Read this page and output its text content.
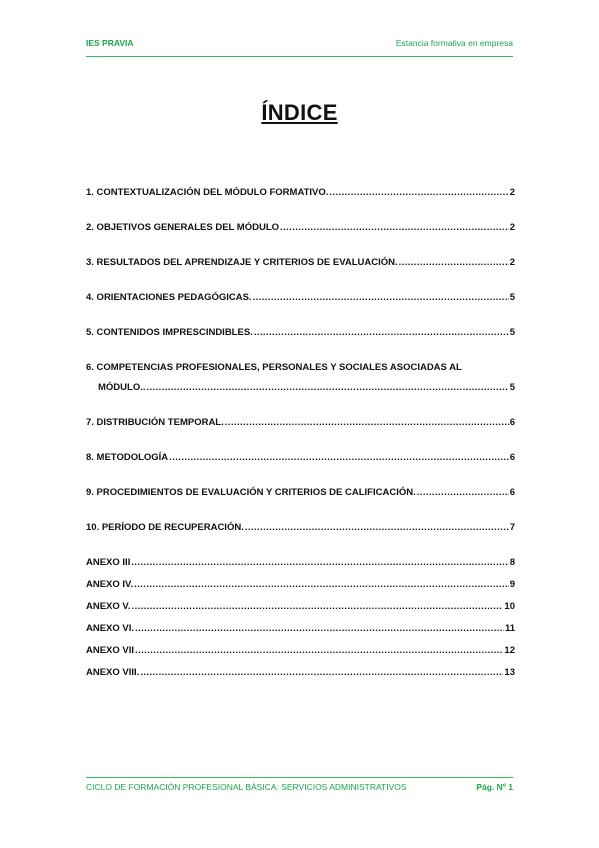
IES PRAVIA	Estancia formativa en empresa
ÍNDICE
1. CONTEXTUALIZACIÓN DEL MÓDULO FORMATIVO. .....	2
2. OBJETIVOS GENERALES DEL MÓDULO .....	2
3. RESULTADOS DEL APRENDIZAJE Y CRITERIOS DE EVALUACIÓN. .....	2
4. ORIENTACIONES PEDAGÓGICAS. .....	5
5. CONTENIDOS IMPRESCINDIBLES. .....	5
6. COMPETENCIAS PROFESIONALES, PERSONALES Y SOCIALES ASOCIADAS AL
MÓDULO.. .....	5
7. DISTRIBUCIÓN TEMPORAL. .....	6
8. METODOLOGÍA .....	6
9. PROCEDIMIENTOS DE EVALUACIÓN Y CRITERIOS DE CALIFICACIÓN. .....	6
10. PERÍODO DE RECUPERACIÓN. .....	7
ANEXO III .....	8
ANEXO IV. .....	9
ANEXO V. .....	10
ANEXO VI. .....	11
ANEXO VII .....	12
ANEXO VIII. .....	13
CICLO DE FORMACIÓN PROFESIONAL BÁSICA: SERVICIOS ADMINISTRATIVOS	Pág. Nº 1
